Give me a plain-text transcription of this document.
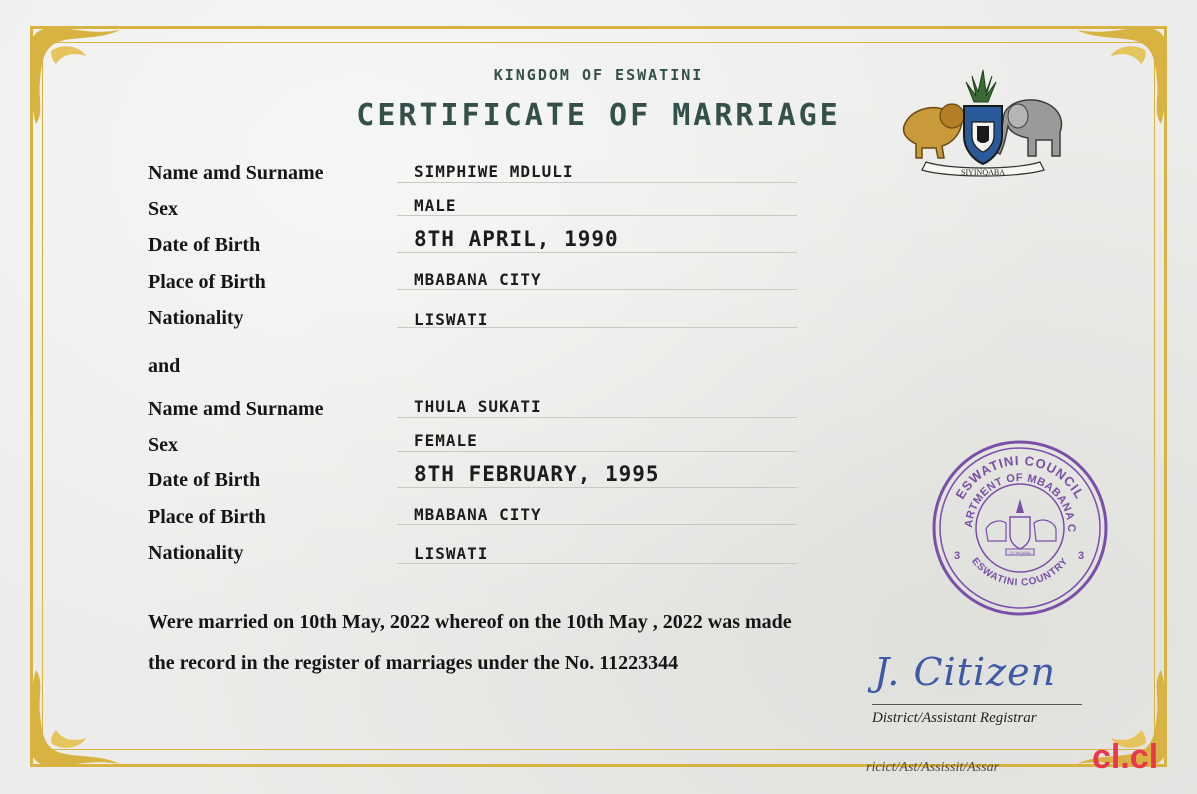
KINGDOM OF ESWATINI
CERTIFICATE OF MARRIAGE
SIYINQABA
Name amd Surname	SIMPHIWE MDLULI
Sex	MALE
Date of Birth	8TH APRIL, 1990
Place of Birth	MBABANA CITY
Nationality	LISWATI
and
Name amd Surname	THULA SUKATI
Sex	FEMALE
Date of Birth	8TH FEBRUARY, 1995
Place of Birth	MBABANA CITY
Nationality	LISWATI
Were married on 10th May, 2022 whereof on the 10th May , 2022 was made
the record in the register of marriages under the No. 11223344
ESWATINI COUNCIL
ARTMENT OF MBABANA C
ESWATINI COUNTRY
3	3
SIYINQABA
J. Citizen
District/Assistant Registrar
ricict/Ast/Assissit/Assar	cl.cl
